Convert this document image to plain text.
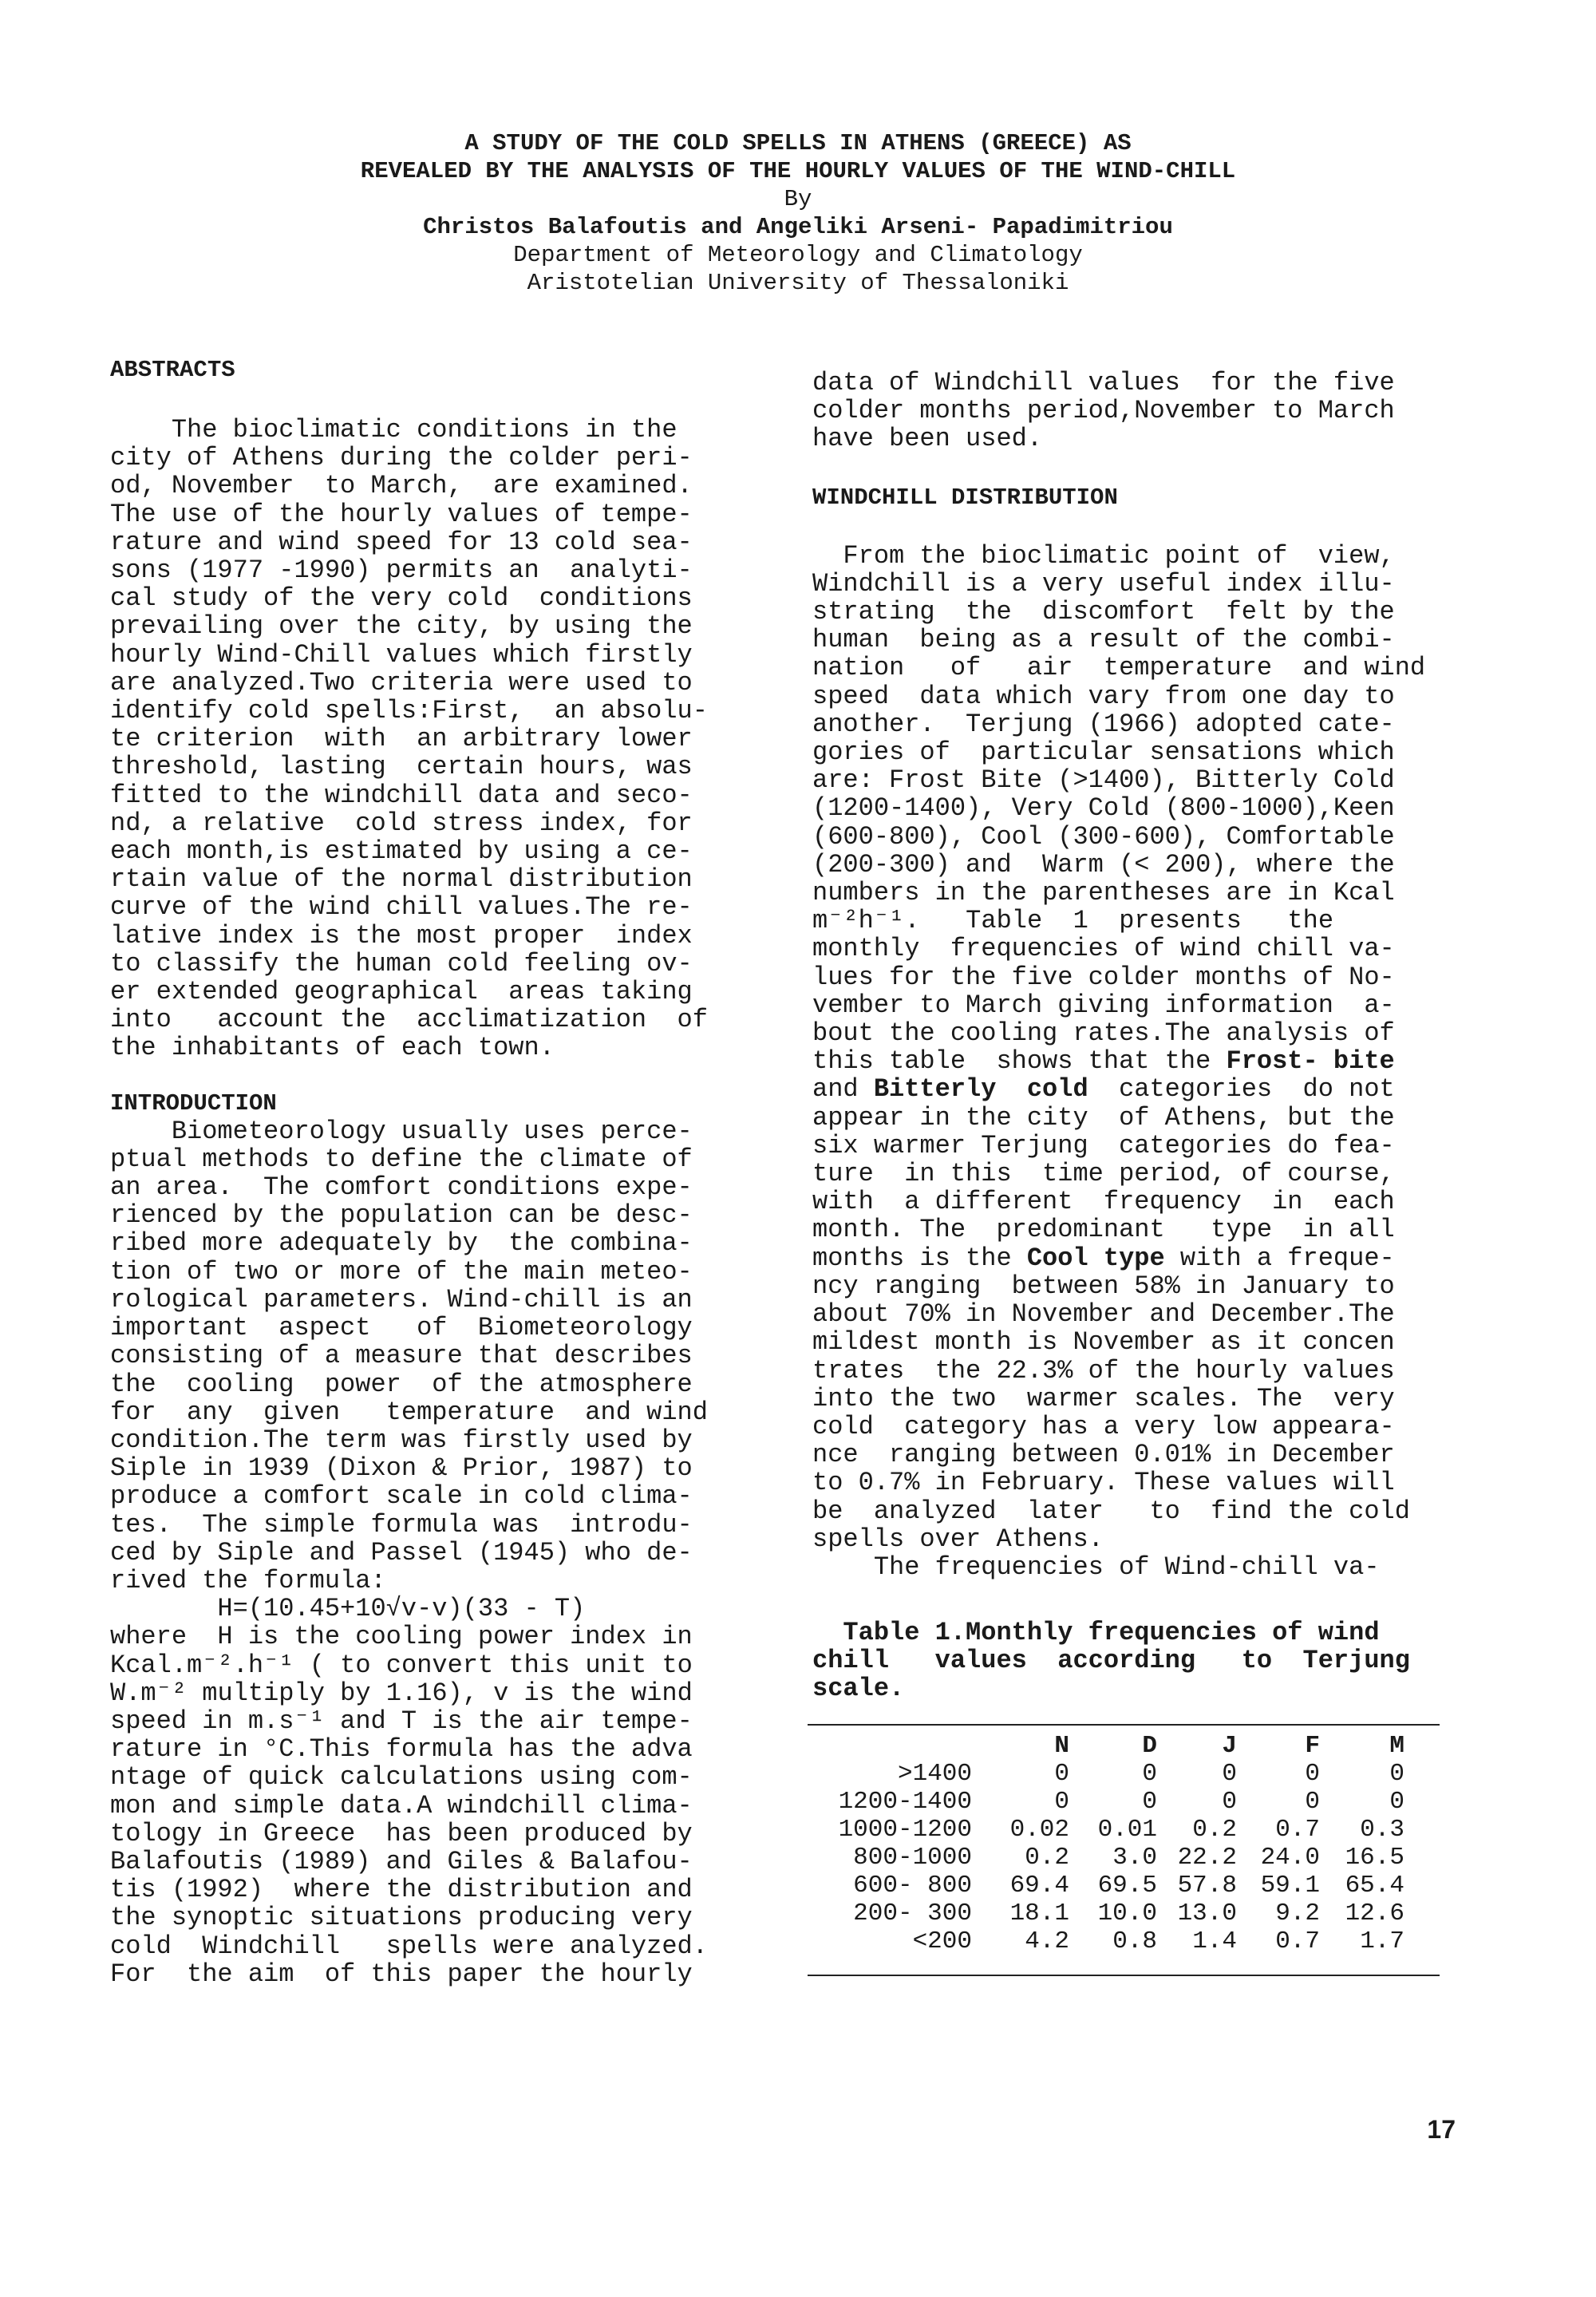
A STUDY OF THE COLD SPELLS IN ATHENS (GREECE) AS
REVEALED BY THE ANALYSIS OF THE HOURLY VALUES OF THE WIND-CHILL
By
Christos Balafoutis and Angeliki Arseni- Papadimitriou
Department of Meteorology and Climatology
Aristotelian University of Thessaloniki
ABSTRACTS
The bioclimatic conditions in the
city of Athens during the colder peri-
od, November  to March,  are examined.
The use of the hourly values of tempe-
rature and wind speed for 13 cold sea-
sons (1977 -1990) permits an  analyti-
cal study of the very cold  conditions
prevailing over the city, by using the
hourly Wind-Chill values which firstly
are analyzed.Two criteria were used to
identify cold spells:First,  an absolu-
te criterion  with  an arbitrary lower
threshold, lasting  certain hours, was
fitted to the windchill data and seco-
nd, a relative  cold stress index, for
each month,is estimated by using a ce-
rtain value of the normal distribution
curve of the wind chill values.The re-
lative index is the most proper  index
to classify the human cold feeling ov-
er extended geographical  areas taking
into   account the  acclimatization  of
the inhabitants of each town.
INTRODUCTION
Biometeorology usually uses perce-
ptual methods to define the climate of
an area.  The comfort conditions expe-
rienced by the population can be desc-
ribed more adequately by  the combina-
tion of two or more of the main meteo-
rological parameters. Wind-chill is an
important  aspect   of  Biometeorology
consisting of a measure that describes
the  cooling  power  of the atmosphere
for  any  given   temperature  and wind
condition.The term was firstly used by
Siple in 1939 (Dixon & Prior, 1987) to
produce a comfort scale in cold clima-
tes.  The simple formula was  introdu-
ced by Siple and Passel (1945) who de-
rived the formula:
H=(10.45+10√v-v)(33 - T)
where  H is the cooling power index in
Kcal.m⁻².h⁻¹ ( to convert this unit to
W.m⁻² multiply by 1.16), v is the wind
speed in m.s⁻¹ and T is the air tempe-
rature in °C.This formula has the adva
ntage of quick calculations using com-
mon and simple data.A windchill clima-
tology in Greece  has been produced by
Balafoutis (1989) and Giles & Balafou-
tis (1992)  where the distribution and
the synoptic situations producing very
cold  Windchill   spells were analyzed.
For  the aim  of this paper the hourly
data of Windchill values  for the five
colder months period,November to March
have been used.
WINDCHILL DISTRIBUTION
From the bioclimatic point of  view,
Windchill is a very useful index illu-
strating  the  discomfort  felt by the
human  being as a result of the combi-
nation   of   air  temperature  and wind
speed  data which vary from one day to
another.  Terjung (1966) adopted cate-
gories of  particular sensations which
are: Frost Bite (>1400), Bitterly Cold
(1200-1400), Very Cold (800-1000),Keen
(600-800), Cool (300-600), Comfortable
(200-300) and  Warm (< 200), where the
numbers in the parentheses are in Kcal
m⁻²h⁻¹.   Table  1  presents   the
monthly  frequencies of wind chill va-
lues for the five colder months of No-
vember to March giving information  a-
bout the cooling rates.The analysis of
this table  shows that the Frost- bite
and Bitterly  cold  categories  do not
appear in the city  of Athens, but the
six warmer Terjung  categories do fea-
ture  in this  time period, of course,
with  a different  frequency  in  each
month. The  predominant   type  in all
months is the Cool type with a freque-
ncy ranging  between 58% in January to
about 70% in November and December.The
mildest month is November as it concen
trates  the 22.3% of the hourly values
into the two  warmer scales. The  very
cold  category has a very low appeara-
nce  ranging between 0.01% in December
to 0.7% in February. These values will
be  analyzed  later   to  find the cold
spells over Athens.
The frequencies of Wind-chill va-
Table 1.Monthly frequencies of wind
chill   values  according   to  Terjung
scale.
	N	D	J	F	M
>1400	0	0	0	0	0
1200-1400	0	0	0	0	0
1000-1200	0.02	0.01	0.2	0.7	0.3
800-1000	0.2	3.0	22.2	24.0	16.5
600- 800	69.4	69.5	57.8	59.1	65.4
200- 300	18.1	10.0	13.0	9.2	12.6
<200	4.2	0.8	1.4	0.7	1.7
17
